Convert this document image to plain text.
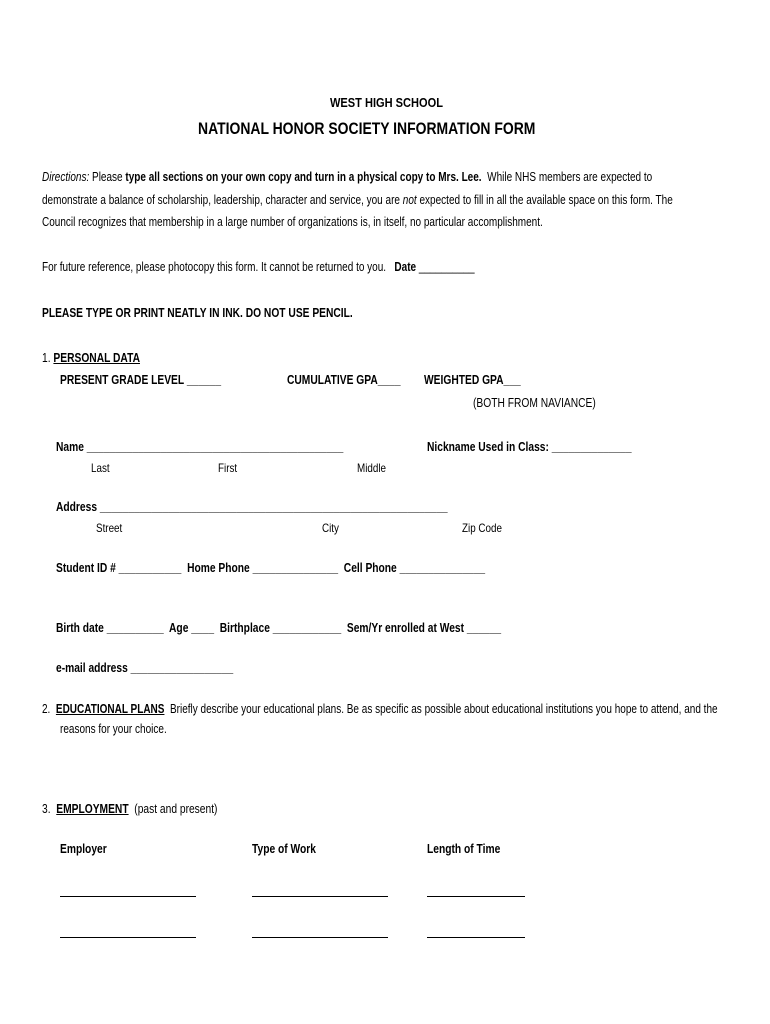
WEST HIGH SCHOOL
NATIONAL HONOR SOCIETY INFORMATION FORM
Directions: Please type all sections on your own copy and turn in a physical copy to Mrs. Lee. While NHS members are expected to
demonstrate a balance of scholarship, leadership, character and service, you are not expected to fill in all the available space on this form. The
Council recognizes that membership in a large number of organizations is, in itself, no particular accomplishment.
For future reference, please photocopy this form. It cannot be returned to you. Date __________
PLEASE TYPE OR PRINT NEATLY IN INK. DO NOT USE PENCIL.
1. PERSONAL DATA
PRESENT GRADE LEVEL ______	CUMULATIVE GPA____	WEIGHTED GPA___
(BOTH FROM NAVIANCE)
Name _____________________________________________	Nickname Used in Class: ______________
Last	First	Middle
Address _____________________________________________________________
Street	City	Zip Code
Student ID # ___________ Home Phone _______________ Cell Phone _______________
Birth date __________ Age ____ Birthplace ____________ Sem/Yr enrolled at West ______
e-mail address __________________
2. EDUCATIONAL PLANS Briefly describe your educational plans. Be as specific as possible about educational institutions you hope to attend, and the
reasons for your choice.
3. EMPLOYMENT (past and present)
Employer	Type of Work	Length of Time
